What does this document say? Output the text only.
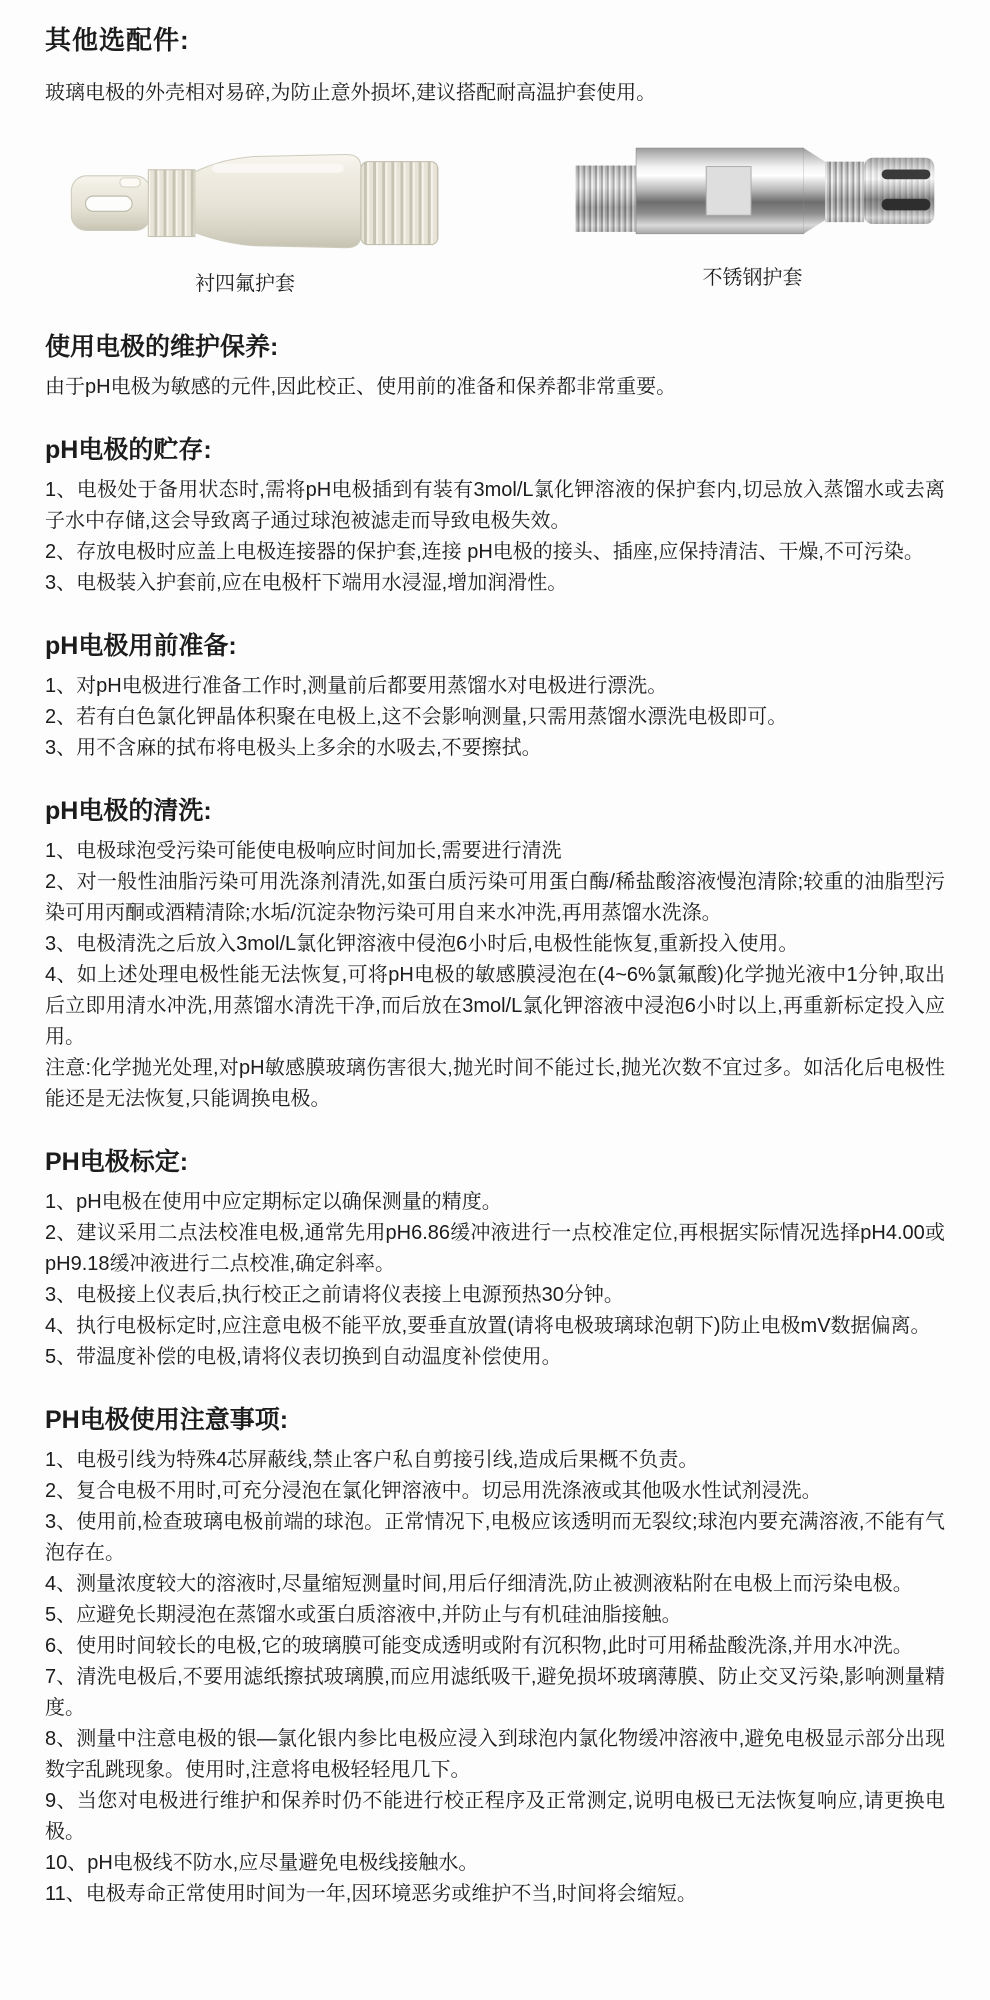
其他选配件:

玻璃电极的外壳相对易碎,为防止意外损坏,建议搭配耐高温护套使用。

衬四氟护套	不锈钢护套
使用电极的维护保养:

由于pH电极为敏感的元件,因此校正、使用前的准备和保养都非常重要。

pH电极的贮存:

1、电极处于备用状态时,需将pH电极插到有装有3mol/L氯化钾溶液的保护套内,切忌放入蒸馏水或去离子水中存储,这会导致离子通过球泡被滤走而导致电极失效。

2、存放电极时应盖上电极连接器的保护套,连接 pH电极的接头、插座,应保持清洁、干燥,不可污染。

3、电极装入护套前,应在电极杆下端用水浸湿,增加润滑性。

pH电极用前准备:

1、对pH电极进行准备工作时,测量前后都要用蒸馏水对电极进行漂洗。

2、若有白色氯化钾晶体积聚在电极上,这不会影响测量,只需用蒸馏水漂洗电极即可。

3、用不含麻的拭布将电极头上多余的水吸去,不要擦拭。

pH电极的清洗:

1、电极球泡受污染可能使电极响应时间加长,需要进行清洗

2、对一般性油脂污染可用洗涤剂清洗,如蛋白质污染可用蛋白酶/稀盐酸溶液慢泡清除;较重的油脂型污染可用丙酮或酒精清除;水垢/沉淀杂物污染可用自来水冲洗,再用蒸馏水洗涤。

3、电极清洗之后放入3mol/L氯化钾溶液中侵泡6小时后,电极性能恢复,重新投入使用。

4、如上述处理电极性能无法恢复,可将pH电极的敏感膜浸泡在(4~6%氯氟酸)化学抛光液中1分钟,取出后立即用清水冲洗,用蒸馏水清洗干净,而后放在3mol/L氯化钾溶液中浸泡6小时以上,再重新标定投入应用。

注意:化学抛光处理,对pH敏感膜玻璃伤害很大,抛光时间不能过长,抛光次数不宜过多。如活化后电极性能还是无法恢复,只能调换电极。

PH电极标定:

1、pH电极在使用中应定期标定以确保测量的精度。

2、建议采用二点法校准电极,通常先用pH6.86缓冲液进行一点校准定位,再根据实际情况选择pH4.00或pH9.18缓冲液进行二点校准,确定斜率。

3、电极接上仪表后,执行校正之前请将仪表接上电源预热30分钟。

4、执行电极标定时,应注意电极不能平放,要垂直放置(请将电极玻璃球泡朝下)防止电极mV数据偏离。

5、带温度补偿的电极,请将仪表切换到自动温度补偿使用。

PH电极使用注意事项:

1、电极引线为特殊4芯屏蔽线,禁止客户私自剪接引线,造成后果概不负责。

2、复合电极不用时,可充分浸泡在氯化钾溶液中。切忌用洗涤液或其他吸水性试剂浸洗。

3、使用前,检查玻璃电极前端的球泡。正常情况下,电极应该透明而无裂纹;球泡内要充满溶液,不能有气泡存在。

4、测量浓度较大的溶液时,尽量缩短测量时间,用后仔细清洗,防止被测液粘附在电极上而污染电极。

5、应避免长期浸泡在蒸馏水或蛋白质溶液中,并防止与有机硅油脂接触。

6、使用时间较长的电极,它的玻璃膜可能变成透明或附有沉积物,此时可用稀盐酸洗涤,并用水冲洗。

7、清洗电极后,不要用滤纸擦拭玻璃膜,而应用滤纸吸干,避免损坏玻璃薄膜、防止交叉污染,影响测量精度。

8、测量中注意电极的银—氯化银内参比电极应浸入到球泡内氯化物缓冲溶液中,避免电极显示部分出现数字乱跳现象。使用时,注意将电极轻轻甩几下。

9、当您对电极进行维护和保养时仍不能进行校正程序及正常测定,说明电极已无法恢复响应,请更换电极。

10、pH电极线不防水,应尽量避免电极线接触水。

11、电极寿命正常使用时间为一年,因环境恶劣或维护不当,时间将会缩短。
